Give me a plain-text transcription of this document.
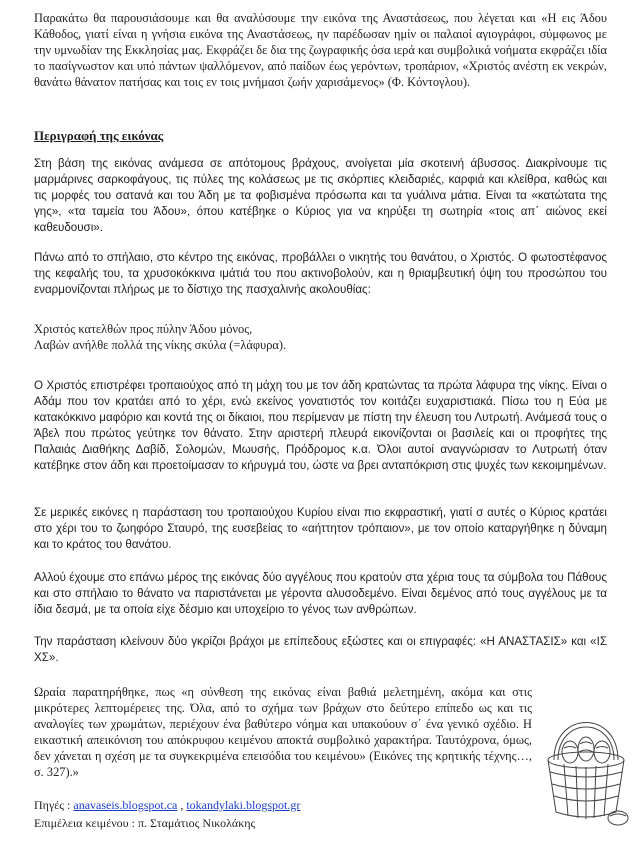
Παρακάτω θα παρουσιάσουμε και θα αναλύσουμε την εικόνα της Αναστάσεως, που λέγεται και «Η εις Άδου Κάθοδος, γιατί είναι η γνήσια εικόνα της Αναστάσεως, ην παρέδωσαν ημίν οι παλαιοί αγιογράφοι, σύμφωνος με την υμνωδίαν της Εκκλησίας μας. Εκφράζει δε δια της ζωγραφικής όσα ιερά και συμβολικά νοήματα εκφράζει ιδία το πασίγνωστον και υπό πάντων ψαλλόμενον, από παίδων έως γερόντων, τροπάριον, «Χριστός ανέστη εκ νεκρών, θανάτω θάνατον πατήσας και τοις εν τοις μνήμασι ζωήν χαρισάμενος» (Φ. Κόντογλου).

Περιγραφή της εικόνας

Στη βάση της εικόνας ανάμεσα σε απότομους βράχους, ανοίγεται μία σκοτεινή άβυσσος. Διακρίνουμε τις μαρμάρινες σαρκοφάγους, τις πύλες της κολάσεως με τις σκόρπιες κλειδαριές, καρφιά και κλείθρα, καθώς και τις μορφές του σατανά και του Άδη με τα φοβισμένα πρόσωπα και τα γυάλινα μάτια. Είναι τα «κατώτατα της γης», «τα ταμεία του Άδου», όπου κατέβηκε ο Κύριος για να κηρύξει τη σωτηρία «τοις απ΄ αιώνος εκεί καθευδουσι».

Πάνω από το σπήλαιο, στο κέντρο της εικόνας, προβάλλει ο νικητής του θανάτου, ο Χριστός. Ο φωτοστέφανος της κεφαλής του, τα χρυσοκόκκινα ιμάτιά του που ακτινοβολούν, και η θριαμβευτική όψη του προσώπου του εναρμονίζονται πλήρως με το δίστιχο της πασχαλινής ακολουθίας:

Χριστός κατελθών προς πύλην Άδου μόνος,
Λαβών ανήλθε πολλά της νίκης σκύλα (=λάφυρα).

Ο Χριστός επιστρέφει τροπαιούχος από τη μάχη του με τον άδη κρατώντας τα πρώτα λάφυρα της νίκης. Είναι ο Αδάμ που τον κρατάει από το χέρι, ενώ εκείνος γονατιστός τον κοιτάζει ευχαριστιακά. Πίσω του η Εύα με κατακόκκινο μαφόριο και κοντά της οι δίκαιοι, που περίμεναν με πίστη την έλευση του Λυτρωτή. Ανάμεσά τους ο Άβελ που πρώτος γεύτηκε τον θάνατο. Στην αριστερή πλευρά εικονίζονται οι βασιλείς και οι προφήτες της Παλαιάς Διαθήκης Δαβίδ, Σολομών, Μωυσής, Πρόδρομος κ.α. Όλοι αυτοί αναγνώρισαν το Λυτρωτή όταν κατέβηκε στον άδη και προετοίμασαν το κήρυγμά του, ώστε να βρει ανταπόκριση στις ψυχές των κεκοιμημένων.

Σε μερικές εικόνες η παράσταση του τροπαιούχου Κυρίου είναι πιο εκφραστική, γιατί σ αυτές ο Κύριος κρατάει στο χέρι του το ζωηφόρο Σταυρό, της ευσεβείας το «αήττητον τρόπαιον», με τον οποίο καταργήθηκε η δύναμη και το κράτος του θανάτου.

Αλλού έχουμε στο επάνω μέρος της εικόνας δύο αγγέλους που κρατούν στα χέρια τους τα σύμβολα του Πάθους και στο σπήλαιο το θάνατο να παριστάνεται με γέροντα αλυσοδεμένο. Είναι δεμένος από τους αγγέλους με τα ίδια δεσμά, με τα οποία είχε δέσμιο και υποχείριο το γένος των ανθρώπων.

Την παράσταση κλείνουν δύο γκρίζοι βράχοι με επίπεδους εξώστες και οι επιγραφές: «Η ΑΝΑΣΤΑΣΙΣ» και «ΙΣ ΧΣ».

Ωραία παρατηρήθηκε, πως «η σύνθεση της εικόνας είναι βαθιά μελετημένη, ακόμα και στις μικρότερες λεπτομέρειες της. Όλα, από το σχήμα των βράχων στο δεύτερο επίπεδο ως και τις αναλογίες των χρωμάτων, περιέχουν ένα βαθύτερο νόημα και υπακούουν σ΄ ένα γενικό σχέδιο. Η εικαστική απεικόνιση του απόκρυφου κειμένου αποκτά συμβολικό χαρακτήρα. Ταυτόχρονα, όμως, δεν χάνεται η σχέση με τα συγκεκριμένα επεισόδια του κειμένου» (Εικόνες της κρητικής τέχνης…, σ. 327).»

Πηγές : anavaseis.blogspot.ca , tokandylaki.blogspot.gr
Επιμέλεια κειμένου : π. Σταμάτιος Νικολάκης
